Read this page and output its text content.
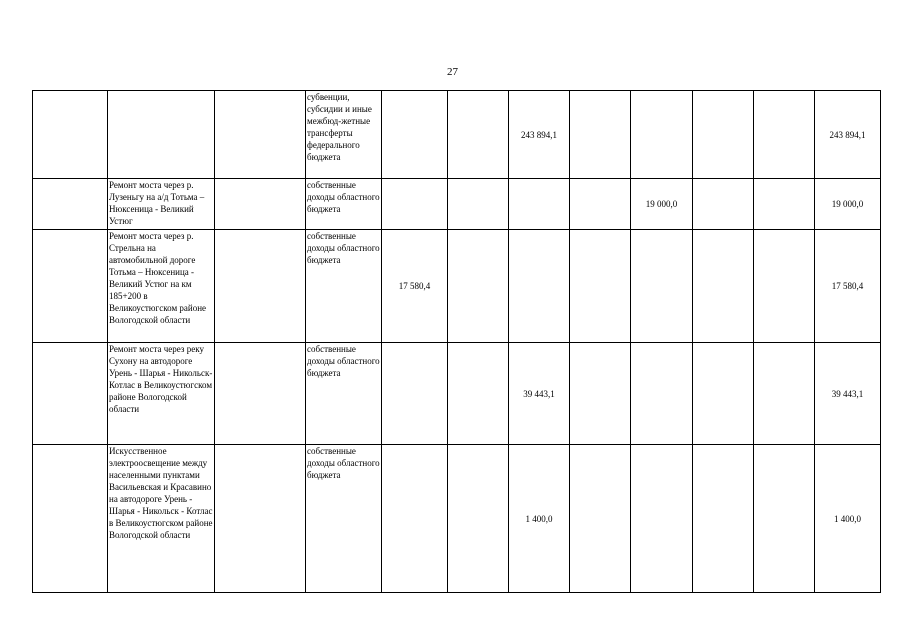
27
			субвенции, субсидии и иные межбюд-жетные трансферты федерального бюджета			243 894,1					243 894,1
	Ремонт моста через р. Лузеньгу на а/д Тотьма – Нюксеница - Великий Устюг		собственные доходы областного бюджета					19 000,0			19 000,0
	Ремонт моста через р. Стрельна на автомобильной дороге Тотьма – Нюксеница - Великий Устюг на км 185+200 в Великоустюгском районе Вологодской области		собственные доходы областного бюджета	17 580,4							17 580,4
	Ремонт моста через реку Сухону на автодороге Урень - Шарья - Никольск- Котлас в Великоустюгском районе Вологодской области		собственные доходы областного бюджета			39 443,1					39 443,1
	Искусственное электроосвещение между населенными пунктами Васильевская и Красавино на автодороге Урень - Шарья - Никольск - Котлас в Великоустюгском районе Вологодской области		собственные доходы областного бюджета			1 400,0					1 400,0
